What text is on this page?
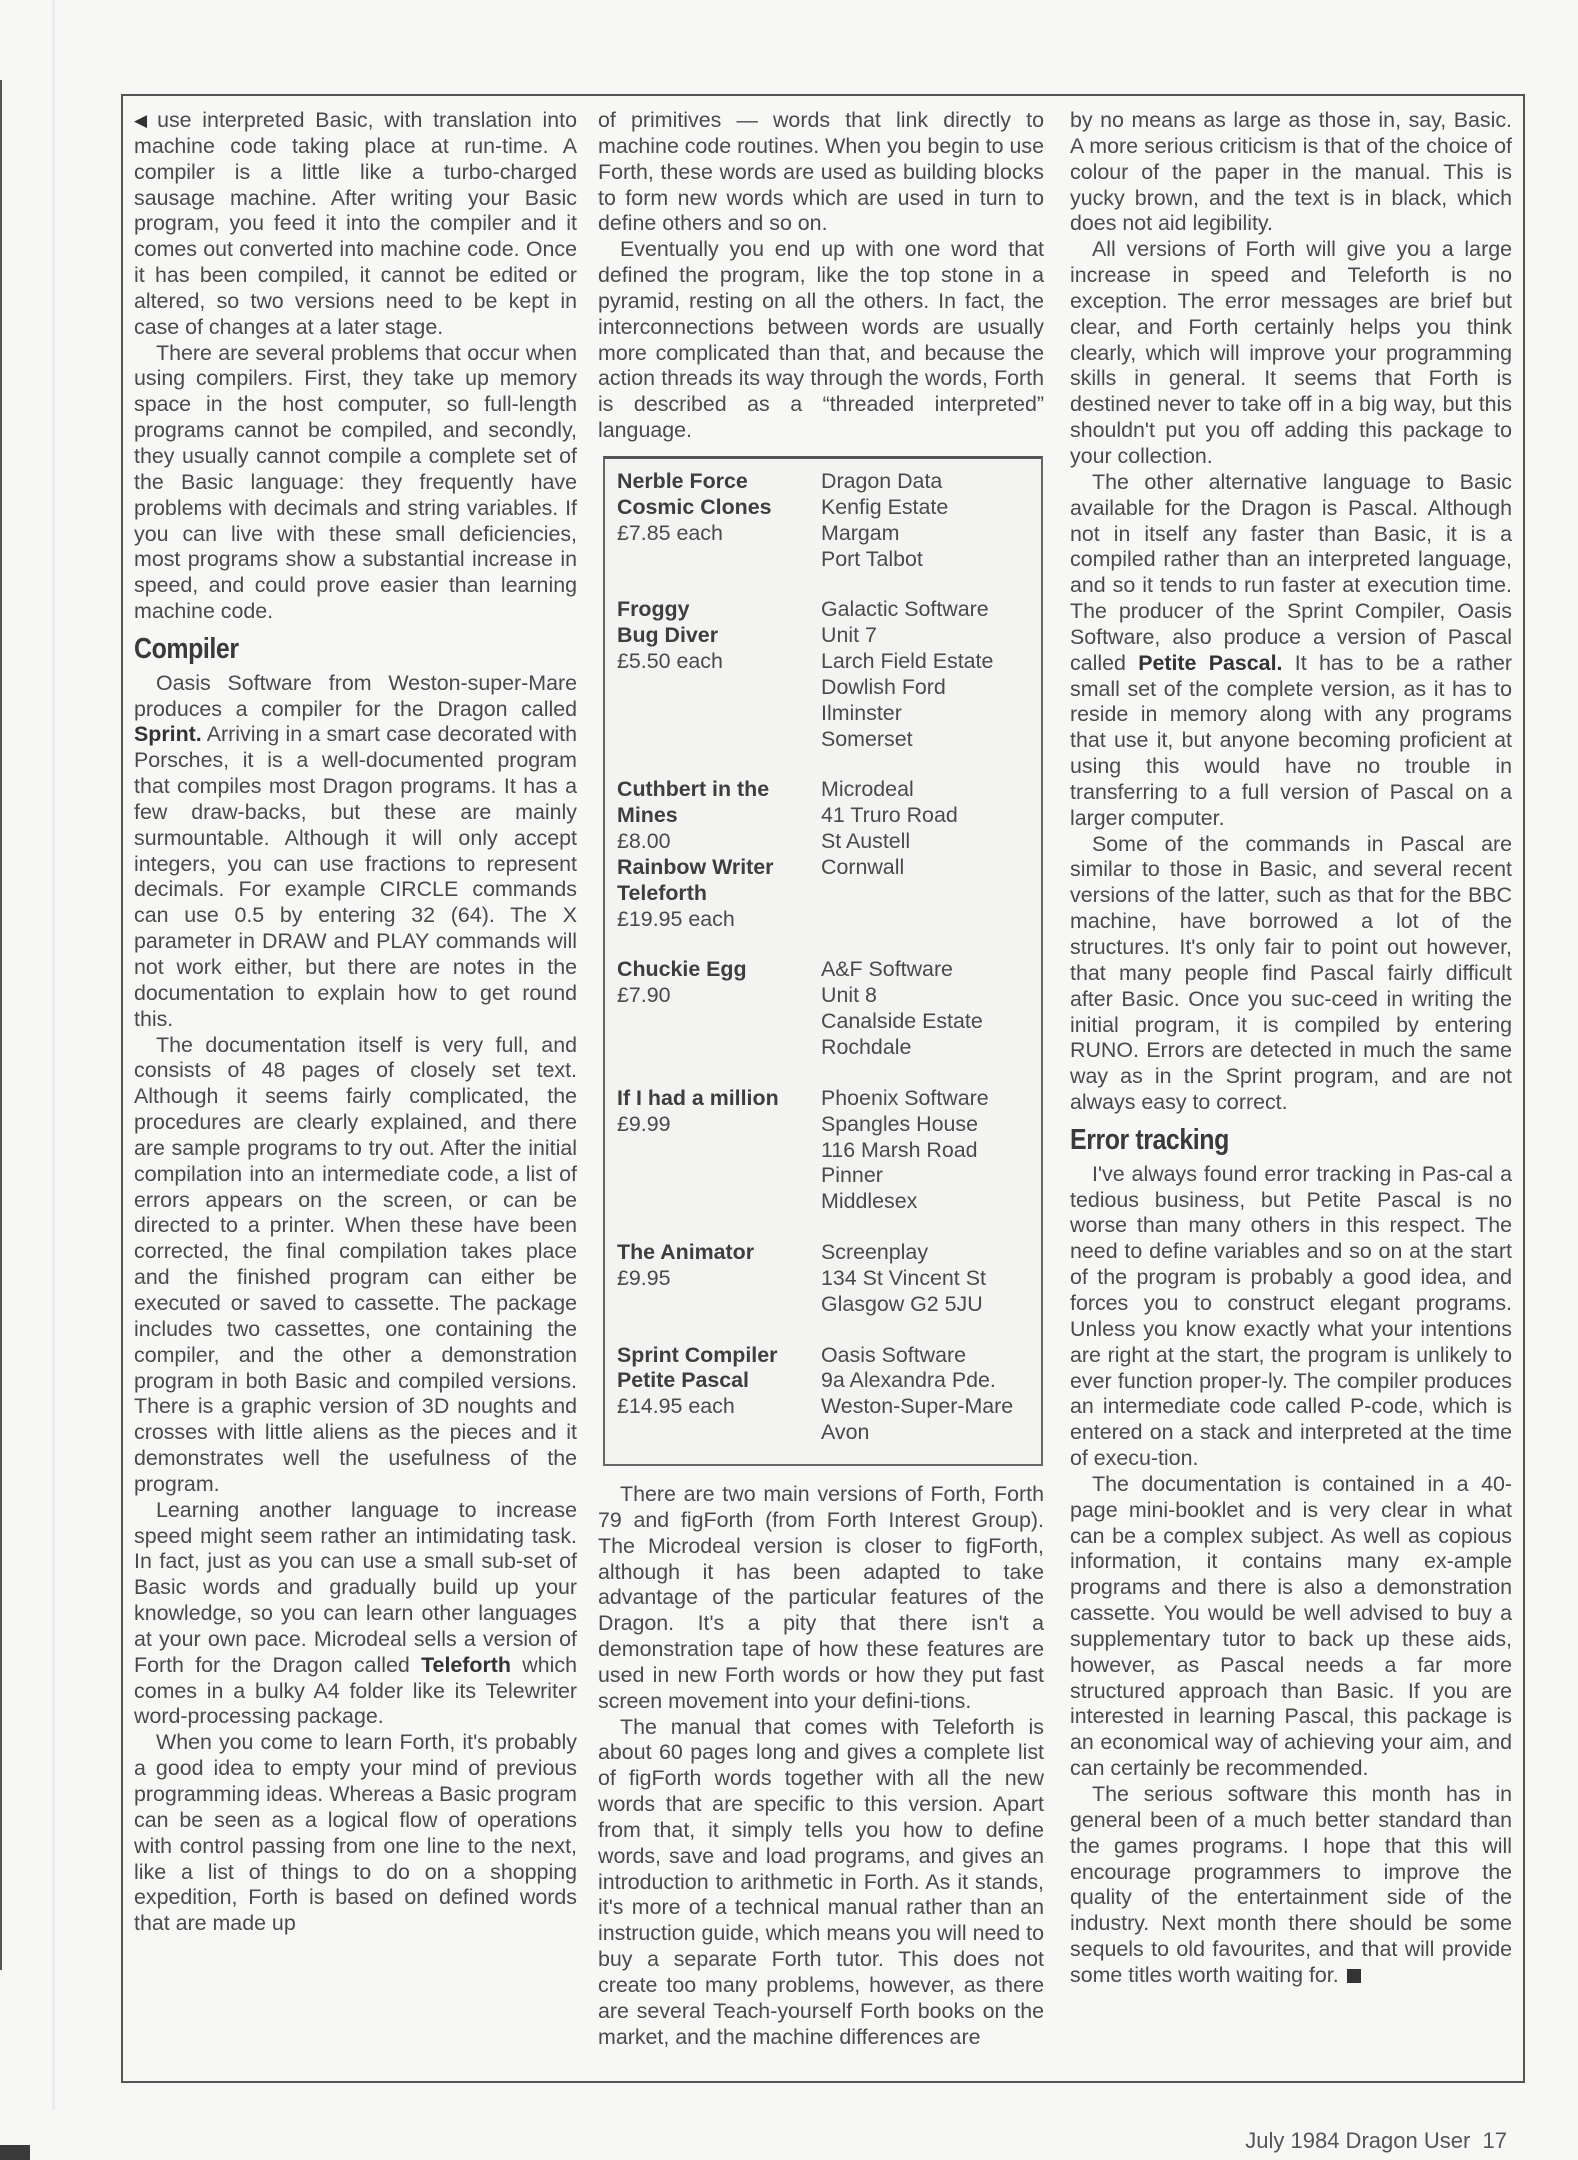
◀ use interpreted Basic, with translation into machine code taking place at run-time. A compiler is a little like a turbo-charged sausage machine. After writing your Basic program, you feed it into the compiler and it comes out converted into machine code. Once it has been compiled, it cannot be edited or altered, so two versions need to be kept in case of changes at a later stage.

There are several problems that occur when using compilers. First, they take up memory space in the host computer, so full-length programs cannot be compiled, and secondly, they usually cannot compile a complete set of the Basic language: they frequently have problems with decimals and string variables. If you can live with these small deficiencies, most programs show a substantial increase in speed, and could prove easier than learning machine code.

Compiler

Oasis Software from Weston-super-Mare produces a compiler for the Dragon called Sprint. Arriving in a smart case decorated with Porsches, it is a well-documented program that compiles most Dragon programs. It has a few draw-backs, but these are mainly surmountable. Although it will only accept integers, you can use fractions to represent decimals. For example CIRCLE commands can use 0.5 by entering 32 (64). The X parameter in DRAW and PLAY commands will not work either, but there are notes in the documentation to explain how to get round this.

The documentation itself is very full, and consists of 48 pages of closely set text. Although it seems fairly complicated, the procedures are clearly explained, and there are sample programs to try out. After the initial compilation into an intermediate code, a list of errors appears on the screen, or can be directed to a printer. When these have been corrected, the final compilation takes place and the finished program can either be executed or saved to cassette. The package includes two cassettes, one containing the compiler, and the other a demonstration program in both Basic and compiled versions. There is a graphic version of 3D noughts and crosses with little aliens as the pieces and it demonstrates well the usefulness of the program.

Learning another language to increase speed might seem rather an intimidating task. In fact, just as you can use a small sub-set of Basic words and gradually build up your knowledge, so you can learn other languages at your own pace. Microdeal sells a version of Forth for the Dragon called Teleforth which comes in a bulky A4 folder like its Telewriter word-processing package.

When you come to learn Forth, it's probably a good idea to empty your mind of previous programming ideas. Whereas a Basic program can be seen as a logical flow of operations with control passing from one line to the next, like a list of things to do on a shopping expedition, Forth is based on defined words that are made up

of primitives — words that link directly to machine code routines. When you begin to use Forth, these words are used as building blocks to form new words which are used in turn to define others and so on.

Eventually you end up with one word that defined the program, like the top stone in a pyramid, resting on all the others. In fact, the interconnections between words are usually more complicated than that, and because the action threads its way through the words, Forth is described as a “threaded interpreted” language.

Nerble Force
Cosmic Clones
£7.85 each
Dragon Data
Kenfig Estate
Margam
Port Talbot
Froggy
Bug Diver
£5.50 each
Galactic Software
Unit 7
Larch Field Estate
Dowlish Ford
Ilminster
Somerset
Cuthbert in the Mines
£8.00
Rainbow Writer
Teleforth
£19.95 each
Microdeal
41 Truro Road
St Austell
Cornwall
Chuckie Egg
£7.90
A&F Software
Unit 8
Canalside Estate
Rochdale
If I had a million
£9.99
Phoenix Software
Spangles House
116 Marsh Road
Pinner
Middlesex
The Animator
£9.95
Screenplay
134 St Vincent St
Glasgow G2 5JU
Sprint Compiler
Petite Pascal
£14.95 each
Oasis Software
9a Alexandra Pde.
Weston-Super-Mare
Avon

There are two main versions of Forth, Forth 79 and figForth (from Forth Interest Group). The Microdeal version is closer to figForth, although it has been adapted to take advantage of the particular features of the Dragon. It's a pity that there isn't a demonstration tape of how these features are used in new Forth words or how they put fast screen movement into your defini-tions.

The manual that comes with Teleforth is about 60 pages long and gives a complete list of figForth words together with all the new words that are specific to this version. Apart from that, it simply tells you how to define words, save and load programs, and gives an introduction to arithmetic in Forth. As it stands, it's more of a technical manual rather than an instruction guide, which means you will need to buy a separate Forth tutor. This does not create too many problems, however, as there are several Teach-yourself Forth books on the market, and the machine differences are

by no means as large as those in, say, Basic. A more serious criticism is that of the choice of colour of the paper in the manual. This is yucky brown, and the text is in black, which does not aid legibility.

All versions of Forth will give you a large increase in speed and Teleforth is no exception. The error messages are brief but clear, and Forth certainly helps you think clearly, which will improve your programming skills in general. It seems that Forth is destined never to take off in a big way, but this shouldn't put you off adding this package to your collection.

The other alternative language to Basic available for the Dragon is Pascal. Although not in itself any faster than Basic, it is a compiled rather than an interpreted language, and so it tends to run faster at execution time. The producer of the Sprint Compiler, Oasis Software, also produce a version of Pascal called Petite Pascal. It has to be a rather small set of the complete version, as it has to reside in memory along with any programs that use it, but anyone becoming proficient at using this would have no trouble in transferring to a full version of Pascal on a larger computer.

Some of the commands in Pascal are similar to those in Basic, and several recent versions of the latter, such as that for the BBC machine, have borrowed a lot of the structures. It's only fair to point out however, that many people find Pascal fairly difficult after Basic. Once you suc-ceed in writing the initial program, it is compiled by entering RUNO. Errors are detected in much the same way as in the Sprint program, and are not always easy to correct.

Error tracking

I've always found error tracking in Pas-cal a tedious business, but Petite Pascal is no worse than many others in this respect. The need to define variables and so on at the start of the program is probably a good idea, and forces you to construct elegant programs. Unless you know exactly what your intentions are right at the start, the program is unlikely to ever function proper-ly. The compiler produces an intermediate code called P-code, which is entered on a stack and interpreted at the time of execu-tion.

The documentation is contained in a 40-page mini-booklet and is very clear in what can be a complex subject. As well as copious information, it contains many ex-ample programs and there is also a demonstration cassette. You would be well advised to buy a supplementary tutor to back up these aids, however, as Pascal needs a far more structured approach than Basic. If you are interested in learning Pascal, this package is an economical way of achieving your aim, and can certainly be recommended.

The serious software this month has in general been of a much better standard than the games programs. I hope that this will encourage programmers to improve the quality of the entertainment side of the industry. Next month there should be some sequels to old favourites, and that will provide some titles worth waiting for.

July 1984 Dragon User 17
